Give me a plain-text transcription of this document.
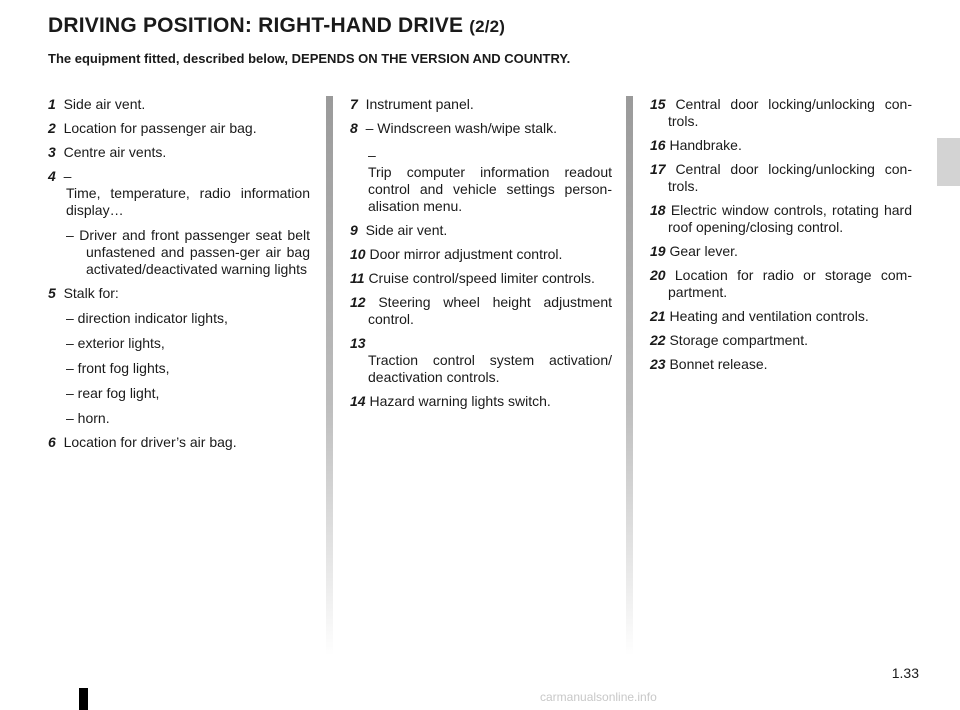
DRIVING POSITION: RIGHT-HAND DRIVE (2/2)
The equipment fitted, described below, DEPENDS ON THE VERSION AND COUNTRY.
1 Side air vent.
2 Location for passenger air bag.
3 Centre air vents.
4 –
Time, temperature, radio information display…
– Driver and front passenger seat belt unfastened and passen-ger air bag activated/deactivated warning lights
5 Stalk for:
– direction indicator lights,
– exterior lights,
– front fog lights,
– rear fog light,
– horn.
6 Location for driver’s air bag.
7 Instrument panel.
8 – Windscreen wash/wipe stalk.
–
Trip computer information readout control and vehicle settings person-alisation menu.
9 Side air vent.
10 Door mirror adjustment control.
11 Cruise control/speed limiter controls.
12 Steering wheel height adjustment control.
13
Traction control system activation/ deactivation controls.
14 Hazard warning lights switch.
15 Central door locking/unlocking con-trols.
16 Handbrake.
17 Central door locking/unlocking con-trols.
18 Electric window controls, rotating hard roof opening/closing control.
19 Gear lever.
20 Location for radio or storage com-partment.
21 Heating and ventilation controls.
22 Storage compartment.
23 Bonnet release.
1.33
carmanualsonline.info
